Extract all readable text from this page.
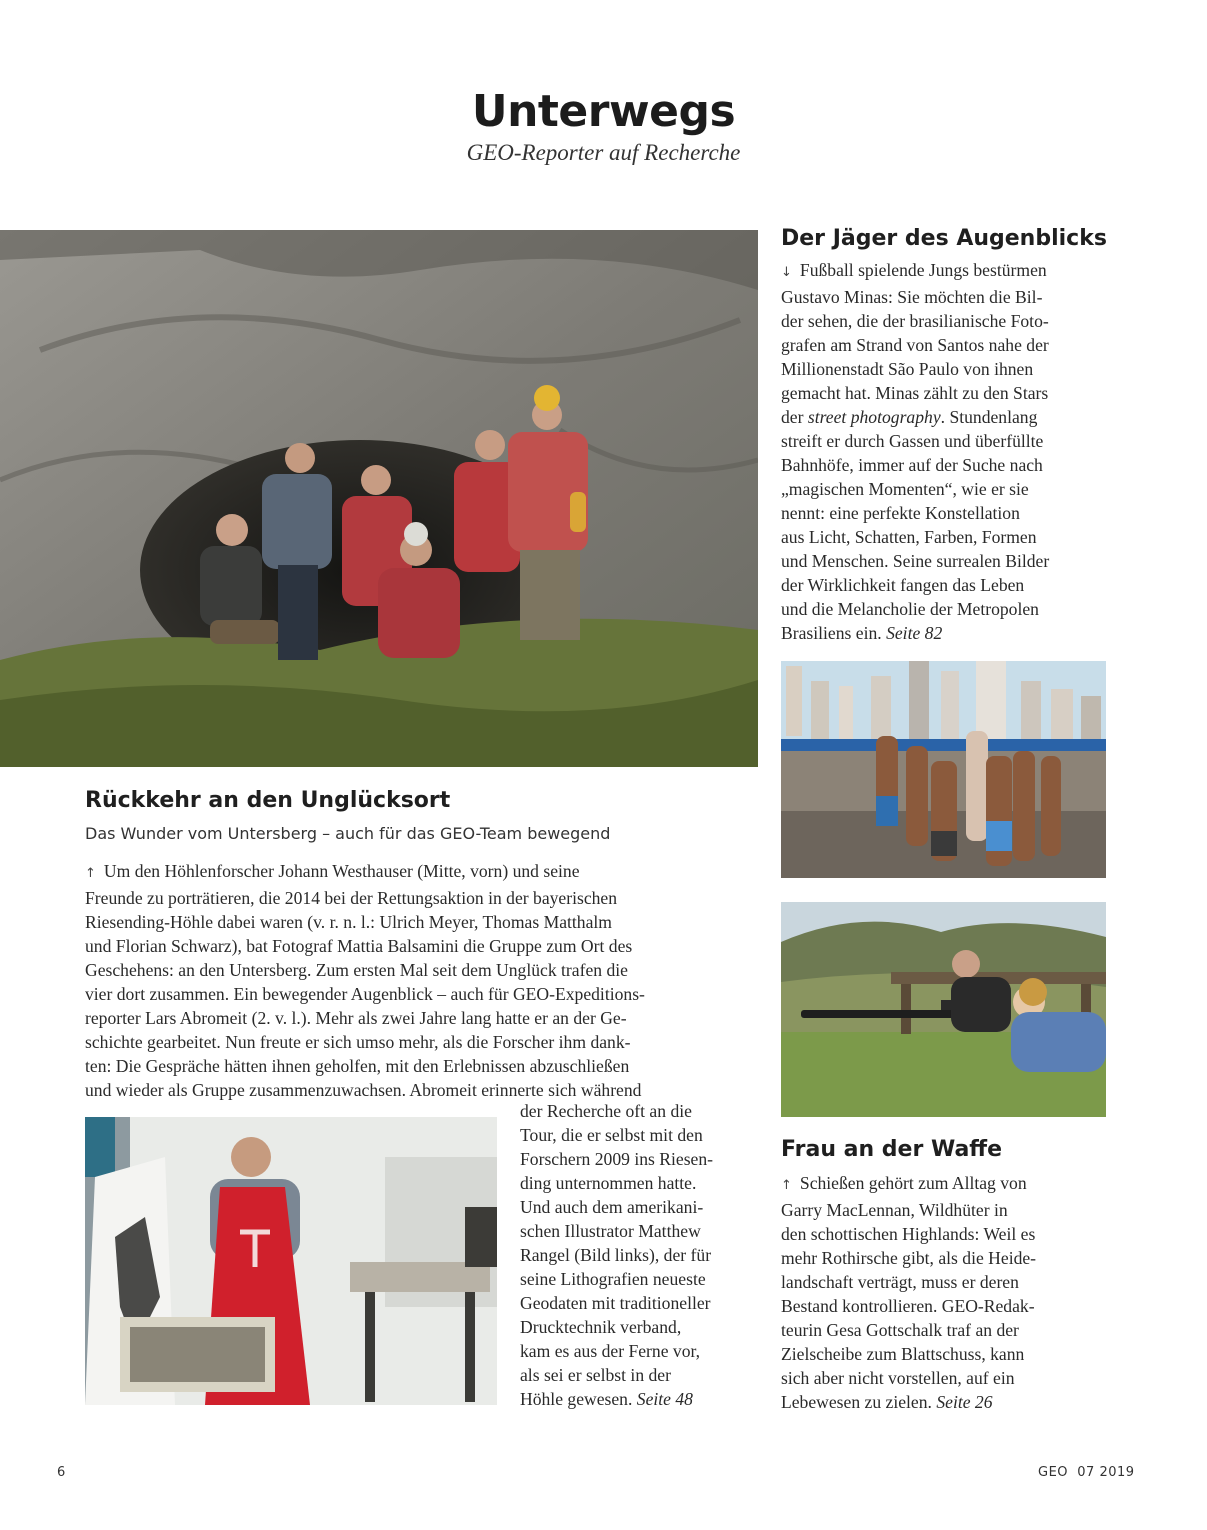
Unterwegs
GEO-Reporter auf Recherche
Der Jäger des Augenblicks
↓ Fußball spielende Jungs bestürmen
Gustavo Minas: Sie möchten die Bil-
der sehen, die der brasilianische Foto-
grafen am Strand von Santos nahe der
Millionenstadt São Paulo von ihnen
gemacht hat. Minas zählt zu den Stars
der street photography. Stundenlang
streift er durch Gassen und überfüllte
Bahnhöfe, immer auf der Suche nach
„magischen Momenten“, wie er sie
nennt: eine perfekte Konstellation
aus Licht, Schatten, Farben, Formen
und Menschen. Seine surrealen Bilder
der Wirklichkeit fangen das Leben
und die Melancholie der Metropolen
Brasiliens ein. Seite 82
Frau an der Waffe
↑ Schießen gehört zum Alltag von
Garry MacLennan, Wildhüter in
den schottischen Highlands: Weil es
mehr Rothirsche gibt, als die Heide-
landschaft verträgt, muss er deren
Bestand kontrollieren. GEO-Redak-
teurin Gesa Gottschalk traf an der
Zielscheibe zum Blattschuss, kann
sich aber nicht vorstellen, auf ein
Lebewesen zu zielen. Seite 26
Rückkehr an den Unglücksort
Das Wunder vom Untersberg – auch für das GEO-Team bewegend
↑ Um den Höhlenforscher Johann Westhauser (Mitte, vorn) und seine
Freunde zu porträtieren, die 2014 bei der Rettungsaktion in der bayerischen
Riesending-Höhle dabei waren (v. r. n. l.: Ulrich Meyer, Thomas Matthalm
und Florian Schwarz), bat Fotograf Mattia Balsamini die Gruppe zum Ort des
Geschehens: an den Untersberg. Zum ersten Mal seit dem Unglück trafen die
vier dort zusammen. Ein bewegender Augenblick – auch für GEO-Expeditions-
reporter Lars Abromeit (2. v. l.). Mehr als zwei Jahre lang hatte er an der Ge-
schichte gearbeitet. Nun freute er sich umso mehr, als die Forscher ihm dank-
ten: Die Gespräche hätten ihnen geholfen, mit den Erlebnissen abzuschließen
und wieder als Gruppe zusammenzuwachsen. Abromeit erinnerte sich während
der Recherche oft an die
Tour, die er selbst mit den
Forschern 2009 ins Riesen-
ding unternommen hatte.
Und auch dem amerikani-
schen Illustrator Matthew
Rangel (Bild links), der für
seine Lithografien neueste
Geodaten mit traditioneller
Drucktechnik verband,
kam es aus der Ferne vor,
als sei er selbst in der
Höhle gewesen. Seite 48
6	GEO  07 2019
